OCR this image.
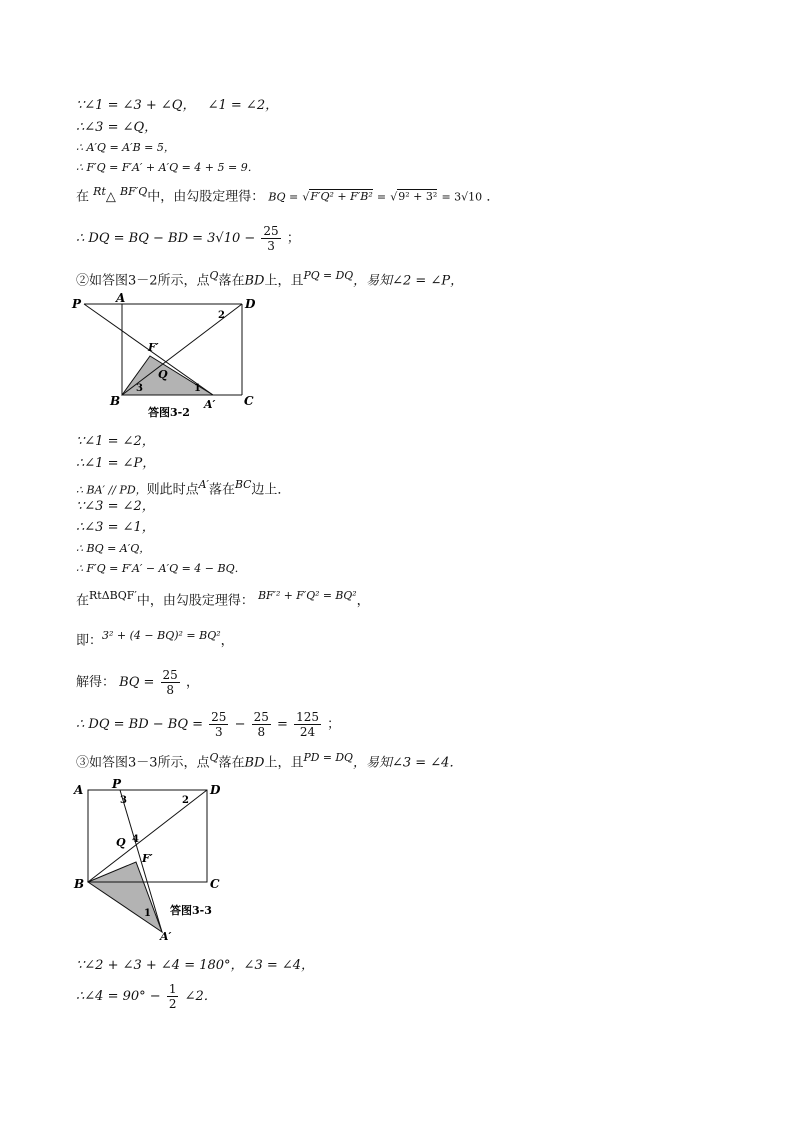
∵∠1 = ∠3 + ∠Q， ∠1 = ∠2，
∴∠3 = ∠Q，
∴ A′Q = A′B = 5，
∴ F′Q = F′A′ + A′Q = 4 + 5 = 9．
在 $^{Rt}$△ $^{BF'Q}$中，由勾股定理得： BQ = √F′Q² + F′B² = √9² + 3² = 3√10 ．
∴ DQ = BQ − BD = $3√10 - \frac{25}{3}$ ；
②如答图3－2所示，点$^Q$落在BD上，且$^{PQ = DQ}$，易知∠2 = ∠P，
P	A	D
F′
Q
B	C
A′
1
2
3
答图3-2
∵∠1 = ∠2，
∴∠1 = ∠P，
∴ BA′ // PD，则此时点$^{A'}$落在$^{BC}$边上．
∵∠3 = ∠2，
∴∠3 = ∠1，
∴ BQ = A′Q，
∴ F′Q = F′A′ − A′Q = 4 − BQ．
在$^{Rt\Delta BQF'}$中，由勾股定理得： $^{BF'^2 + F'Q^2 = BQ^2}$，
即：$^{3^2 + (4 - BQ)^2 = BQ^2}$，
解得： BQ = $\frac{25}{8}$ ，
∴ DQ = BD − BQ = $\frac{25}{3} - \frac{25}{8} = \frac{125}{24}$ ；
③如答图3－3所示，点$^Q$落在BD上，且$^{PD = DQ}$，易知∠3 = ∠4．
A P	D
Q
F′
B	C
A′
1
2
3
4
答图3-3
∵∠2 + ∠3 + ∠4 = 180°，∠3 = ∠4，
∴∠4 = $90^\circ - \frac{1}{2}$ ∠2．
